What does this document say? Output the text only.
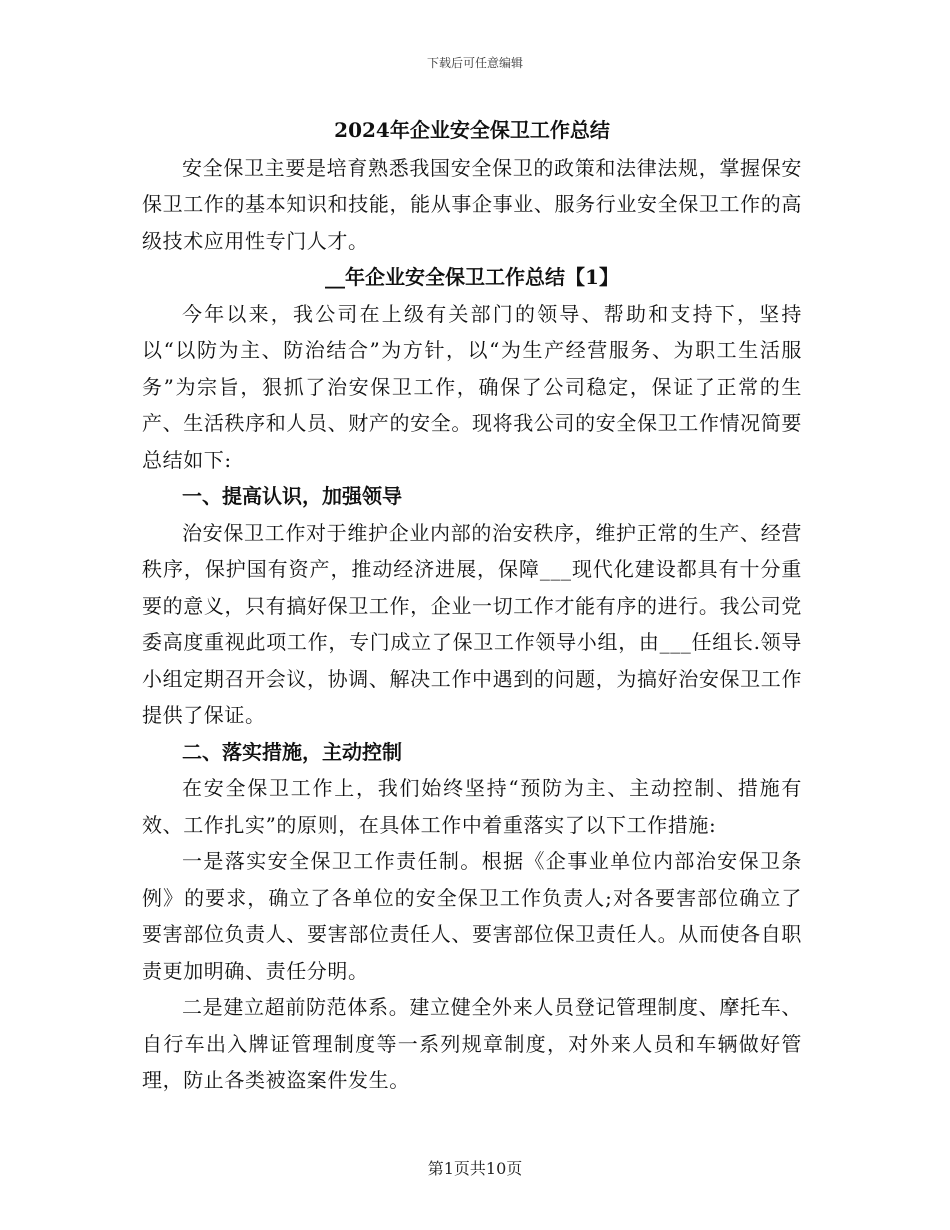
下载后可任意编辑
2024年企业安全保卫工作总结

安全保卫主要是培育熟悉我国安全保卫的政策和法律法规，掌握保安保卫工作的基本知识和技能，能从事企事业、服务行业安全保卫工作的高级技术应用性专门人才。

__年企业安全保卫工作总结【1】

今年以来，我公司在上级有关部门的领导、帮助和支持下，坚持以“以防为主、防治结合”为方针，以“为生产经营服务、为职工生活服务”为宗旨，狠抓了治安保卫工作，确保了公司稳定，保证了正常的生产、生活秩序和人员、财产的安全。现将我公司的安全保卫工作情况简要总结如下:

一、提高认识，加强领导

治安保卫工作对于维护企业内部的治安秩序，维护正常的生产、经营秩序，保护国有资产，推动经济进展，保障___现代化建设都具有十分重要的意义，只有搞好保卫工作，企业一切工作才能有序的进行。我公司党委高度重视此项工作，专门成立了保卫工作领导小组，由___任组长.领导小组定期召开会议，协调、解决工作中遇到的问题，为搞好治安保卫工作提供了保证。

二、落实措施，主动控制

在安全保卫工作上，我们始终坚持“预防为主、主动控制、措施有效、工作扎实”的原则，在具体工作中着重落实了以下工作措施:

一是落实安全保卫工作责任制。根据《企事业单位内部治安保卫条例》的要求，确立了各单位的安全保卫工作负责人;对各要害部位确立了要害部位负责人、要害部位责任人、要害部位保卫责任人。从而使各自职责更加明确、责任分明。

二是建立超前防范体系。建立健全外来人员登记管理制度、摩托车、自行车出入牌证管理制度等一系列规章制度，对外来人员和车辆做好管理，防止各类被盗案件发生。

第1页共10页
